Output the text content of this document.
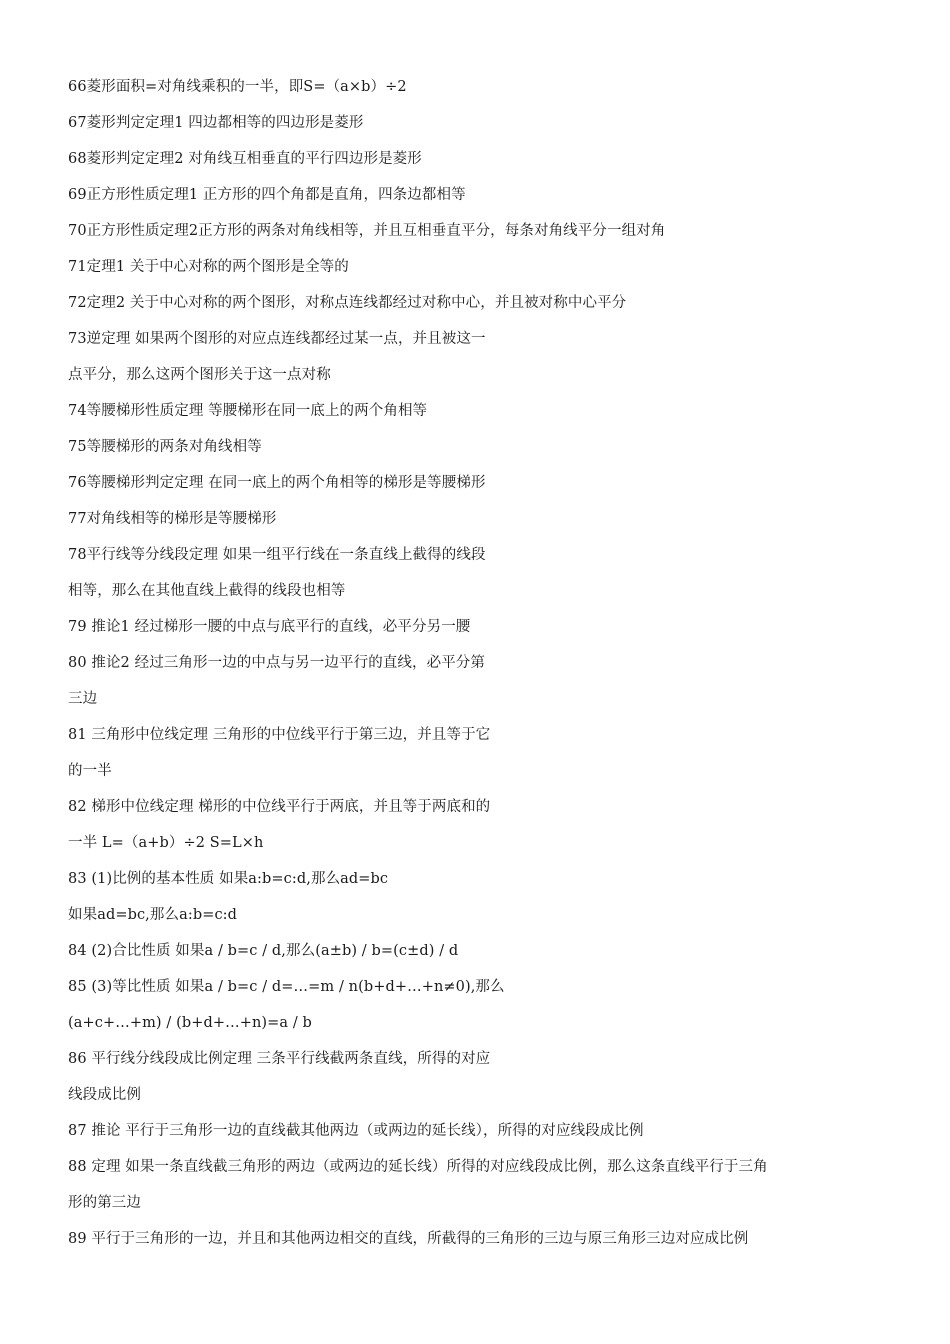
66菱形面积=对角线乘积的一半，即S=（a×b）÷2
67菱形判定定理1 四边都相等的四边形是菱形
68菱形判定定理2 对角线互相垂直的平行四边形是菱形
69正方形性质定理1 正方形的四个角都是直角，四条边都相等
70正方形性质定理2正方形的两条对角线相等，并且互相垂直平分，每条对角线平分一组对角
71定理1 关于中心对称的两个图形是全等的
72定理2 关于中心对称的两个图形，对称点连线都经过对称中心，并且被对称中心平分
73逆定理 如果两个图形的对应点连线都经过某一点，并且被这一
点平分，那么这两个图形关于这一点对称
74等腰梯形性质定理 等腰梯形在同一底上的两个角相等
75等腰梯形的两条对角线相等
76等腰梯形判定定理 在同一底上的两个角相等的梯形是等腰梯形
77对角线相等的梯形是等腰梯形
78平行线等分线段定理 如果一组平行线在一条直线上截得的线段
相等，那么在其他直线上截得的线段也相等
79 推论1 经过梯形一腰的中点与底平行的直线，必平分另一腰
80 推论2 经过三角形一边的中点与另一边平行的直线，必平分第
三边
81 三角形中位线定理 三角形的中位线平行于第三边，并且等于它
的一半
82 梯形中位线定理 梯形的中位线平行于两底，并且等于两底和的
一半 L=（a+b）÷2 S=L×h
83 (1)比例的基本性质 如果a:b=c:d,那么ad=bc
如果ad=bc,那么a:b=c:d
84 (2)合比性质 如果a / b=c / d,那么(a±b) / b=(c±d) / d
85 (3)等比性质 如果a / b=c / d=…=m / n(b+d+…+n≠0),那么
(a+c+…+m) / (b+d+…+n)=a / b
86 平行线分线段成比例定理 三条平行线截两条直线，所得的对应
线段成比例
87 推论 平行于三角形一边的直线截其他两边（或两边的延长线），所得的对应线段成比例
88 定理 如果一条直线截三角形的两边（或两边的延长线）所得的对应线段成比例，那么这条直线平行于三角
形的第三边
89 平行于三角形的一边，并且和其他两边相交的直线，所截得的三角形的三边与原三角形三边对应成比例
